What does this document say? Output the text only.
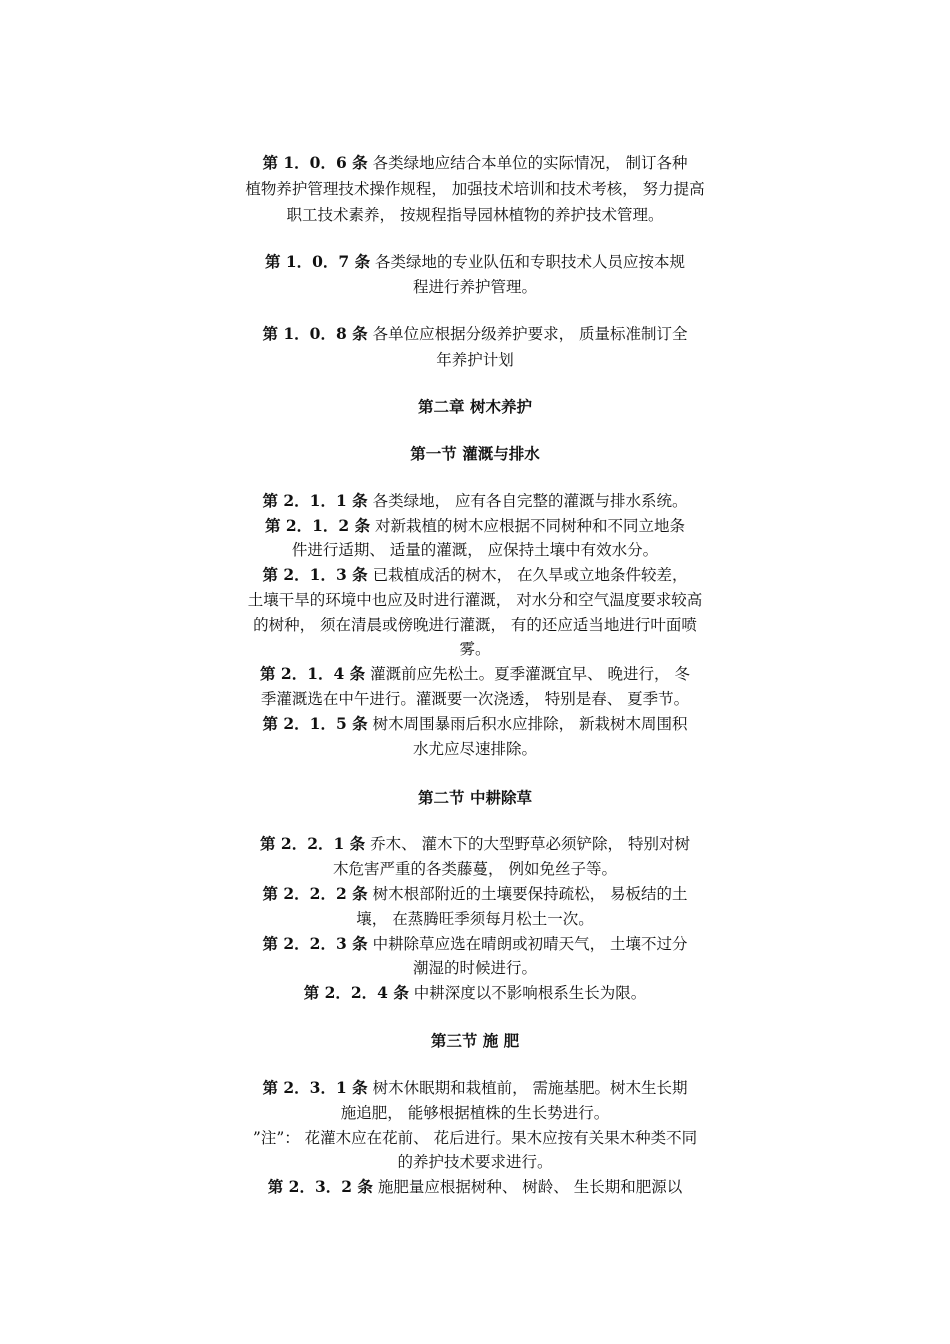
第 1．0．6 条 各类绿地应结合本单位的实际情况， 制订各种
植物养护管理技术操作规程， 加强技术培训和技术考核， 努力提高
职工技术素养， 按规程指导园林植物的养护技术管理。
第 1．0．7 条 各类绿地的专业队伍和专职技术人员应按本规
程进行养护管理。
第 1．0．8 条 各单位应根据分级养护要求， 质量标准制订全
年养护计划
第二章 树木养护
第一节 灌溉与排水
第 2．1．1 条 各类绿地， 应有各自完整的灌溉与排水系统。
第 2．1．2 条 对新栽植的树木应根据不同树种和不同立地条
件进行适期、 适量的灌溉， 应保持土壤中有效水分。
第 2．1．3 条 已栽植成活的树木， 在久旱或立地条件较差，
土壤干旱的环境中也应及时进行灌溉， 对水分和空气温度要求较高
的树种， 须在清晨或傍晚进行灌溉， 有的还应适当地进行叶面喷
雾。
第 2．1．4 条 灌溉前应先松土。夏季灌溉宜早、 晚进行， 冬
季灌溉选在中午进行。灌溉要一次浇透， 特别是春、 夏季节。
第 2．1．5 条 树木周围暴雨后积水应排除， 新栽树木周围积
水尤应尽速排除。
第二节 中耕除草
第 2．2．1 条 乔木、 灌木下的大型野草必须铲除， 特别对树
木危害严重的各类藤蔓， 例如免丝子等。
第 2．2．2 条 树木根部附近的土壤要保持疏松， 易板结的土
壤， 在蒸腾旺季须每月松土一次。
第 2．2．3 条 中耕除草应选在晴朗或初晴天气， 土壤不过分
潮湿的时候进行。
第 2．2．4 条 中耕深度以不影响根系生长为限。
第三节 施 肥
第 2．3．1 条 树木休眠期和栽植前， 需施基肥。树木生长期
施追肥， 能够根据植株的生长势进行。
”注”： 花灌木应在花前、 花后进行。果木应按有关果木种类不同
的养护技术要求进行。
第 2．3．2 条 施肥量应根据树种、 树龄、 生长期和肥源以
